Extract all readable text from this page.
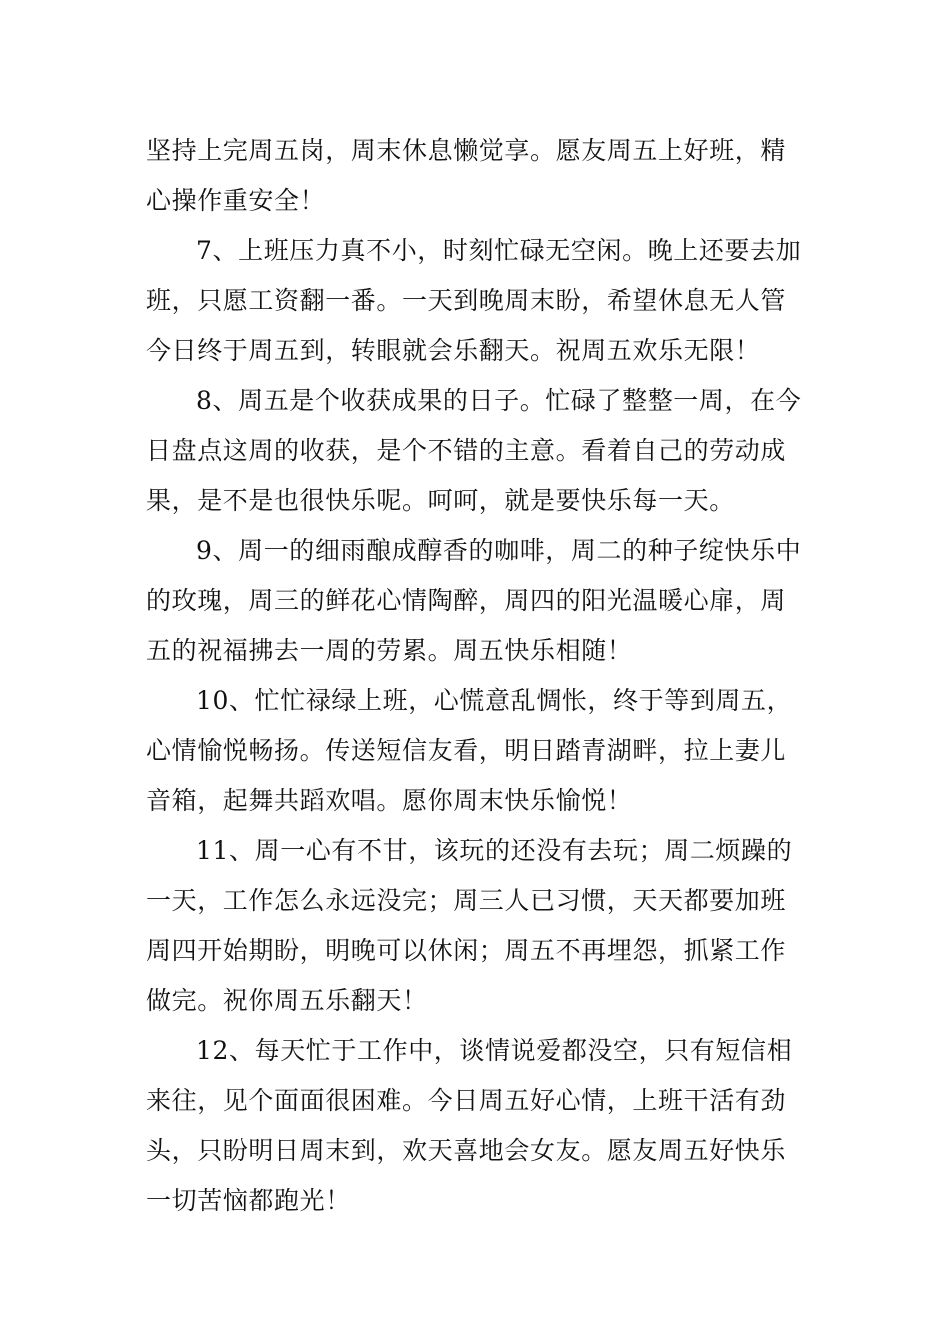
坚持上完周五岗，周末休息懒觉享。愿友周五上好班，精
心操作重安全！
7、上班压力真不小，时刻忙碌无空闲。晚上还要去加
班，只愿工资翻一番。一天到晚周末盼，希望休息无人管
今日终于周五到，转眼就会乐翻天。祝周五欢乐无限！
8、周五是个收获成果的日子。忙碌了整整一周，在今
日盘点这周的收获，是个不错的主意。看着自己的劳动成
果，是不是也很快乐呢。呵呵，就是要快乐每一天。
9、周一的细雨酿成醇香的咖啡，周二的种子绽快乐中
的玫瑰，周三的鲜花心情陶醉，周四的阳光温暖心扉，周
五的祝福拂去一周的劳累。周五快乐相随！
10、忙忙禄绿上班，心慌意乱惆怅，终于等到周五，
心情愉悦畅扬。传送短信友看，明日踏青湖畔，拉上妻儿
音箱，起舞共蹈欢唱。愿你周末快乐愉悦！
11、周一心有不甘，该玩的还没有去玩；周二烦躁的
一天，工作怎么永远没完；周三人已习惯，天天都要加班
周四开始期盼，明晚可以休闲；周五不再埋怨，抓紧工作
做完。祝你周五乐翻天！
12、每天忙于工作中，谈情说爱都没空，只有短信相
来往，见个面面很困难。今日周五好心情，上班干活有劲
头，只盼明日周末到，欢天喜地会女友。愿友周五好快乐
一切苦恼都跑光！
